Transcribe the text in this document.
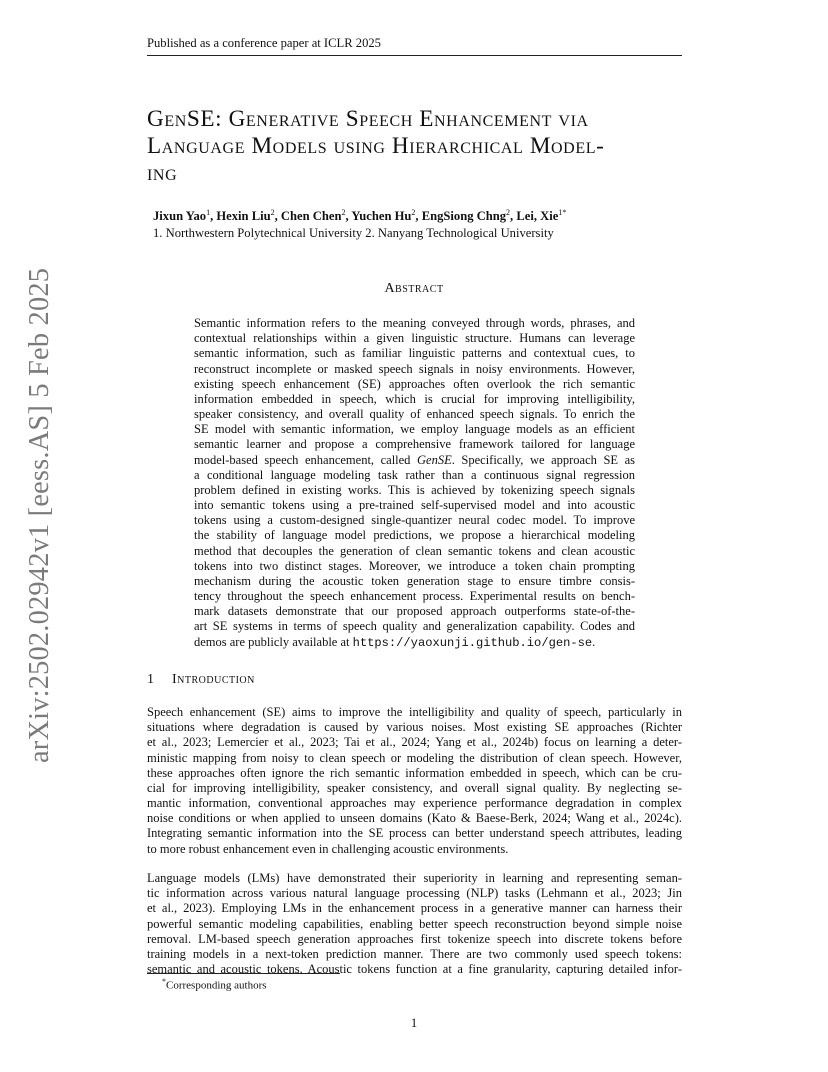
Published as a conference paper at ICLR 2025
arXiv:2502.02942v1 [eess.AS] 5 Feb 2025
GenSE: Generative Speech Enhancement via
Language Models using Hierarchical Model-
ing
Jixun Yao$^1$, Hexin Liu$^2$, Chen Chen$^2$, Yuchen Hu$^2$, EngSiong Chng$^2$, Lei, Xie$^{1*}$
1. Northwestern Polytechnical University 2. Nanyang Technological University
Abstract
Semantic information refers to the meaning conveyed through words, phrases, and
contextual relationships within a given linguistic structure. Humans can leverage
semantic information, such as familiar linguistic patterns and contextual cues, to
reconstruct incomplete or masked speech signals in noisy environments. However,
existing speech enhancement (SE) approaches often overlook the rich semantic
information embedded in speech, which is crucial for improving intelligibility,
speaker consistency, and overall quality of enhanced speech signals. To enrich the
SE model with semantic information, we employ language models as an efficient
semantic learner and propose a comprehensive framework tailored for language
model-based speech enhancement, called GenSE. Specifically, we approach SE as
a conditional language modeling task rather than a continuous signal regression
problem defined in existing works. This is achieved by tokenizing speech signals
into semantic tokens using a pre-trained self-supervised model and into acoustic
tokens using a custom-designed single-quantizer neural codec model. To improve
the stability of language model predictions, we propose a hierarchical modeling
method that decouples the generation of clean semantic tokens and clean acoustic
tokens into two distinct stages. Moreover, we introduce a token chain prompting
mechanism during the acoustic token generation stage to ensure timbre consis-
tency throughout the speech enhancement process. Experimental results on bench-
mark datasets demonstrate that our proposed approach outperforms state-of-the-
art SE systems in terms of speech quality and generalization capability. Codes and
demos are publicly available at https://yaoxunji.github.io/gen-se.
1 Introduction
Speech enhancement (SE) aims to improve the intelligibility and quality of speech, particularly in
situations where degradation is caused by various noises. Most existing SE approaches (Richter
et al., 2023; Lemercier et al., 2023; Tai et al., 2024; Yang et al., 2024b) focus on learning a deter-
ministic mapping from noisy to clean speech or modeling the distribution of clean speech. However,
these approaches often ignore the rich semantic information embedded in speech, which can be cru-
cial for improving intelligibility, speaker consistency, and overall signal quality. By neglecting se-
mantic information, conventional approaches may experience performance degradation in complex
noise conditions or when applied to unseen domains (Kato & Baese-Berk, 2024; Wang et al., 2024c).
Integrating semantic information into the SE process can better understand speech attributes, leading
to more robust enhancement even in challenging acoustic environments.
Language models (LMs) have demonstrated their superiority in learning and representing seman-
tic information across various natural language processing (NLP) tasks (Lehmann et al., 2023; Jin
et al., 2023). Employing LMs in the enhancement process in a generative manner can harness their
powerful semantic modeling capabilities, enabling better speech reconstruction beyond simple noise
removal. LM-based speech generation approaches first tokenize speech into discrete tokens before
training models in a next-token prediction manner. There are two commonly used speech tokens:
semantic and acoustic tokens. Acoustic tokens function at a fine granularity, capturing detailed infor-
*Corresponding authors
1
